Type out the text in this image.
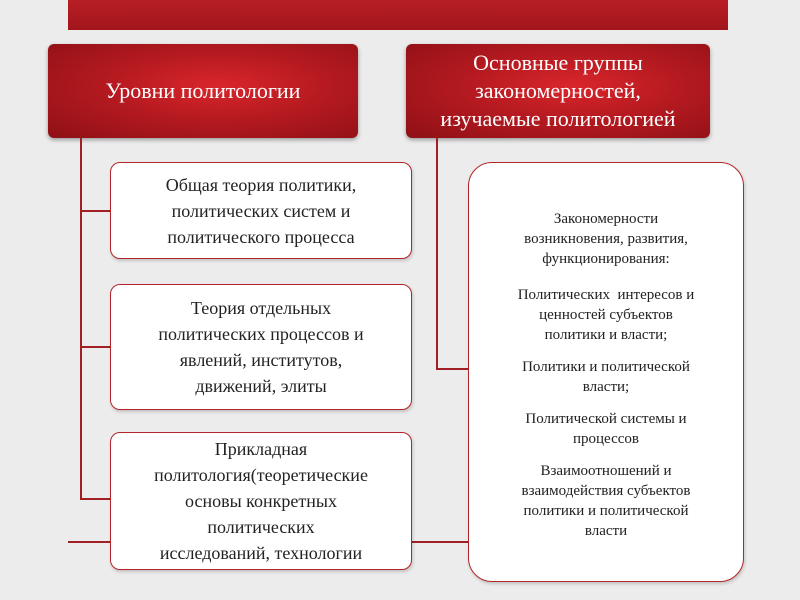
Уровни политологии
Основные группы
закономерностей,
изучаемые политологией
Общая теория политики,
политических систем и
политического процесса
Теория отдельных
политических процессов и
явлений, институтов,
движений, элиты
Прикладная
политология(теоретические
основы конкретных
политических
исследований, технологии
Закономерности
возникновения, развития,
функционирования:
Политических  интересов и
ценностей субъектов
политики и власти;
Политики и политической
власти;
Политической системы и
процессов
Взаимоотношений и
взаимодействия субъектов
политики и политической
власти
